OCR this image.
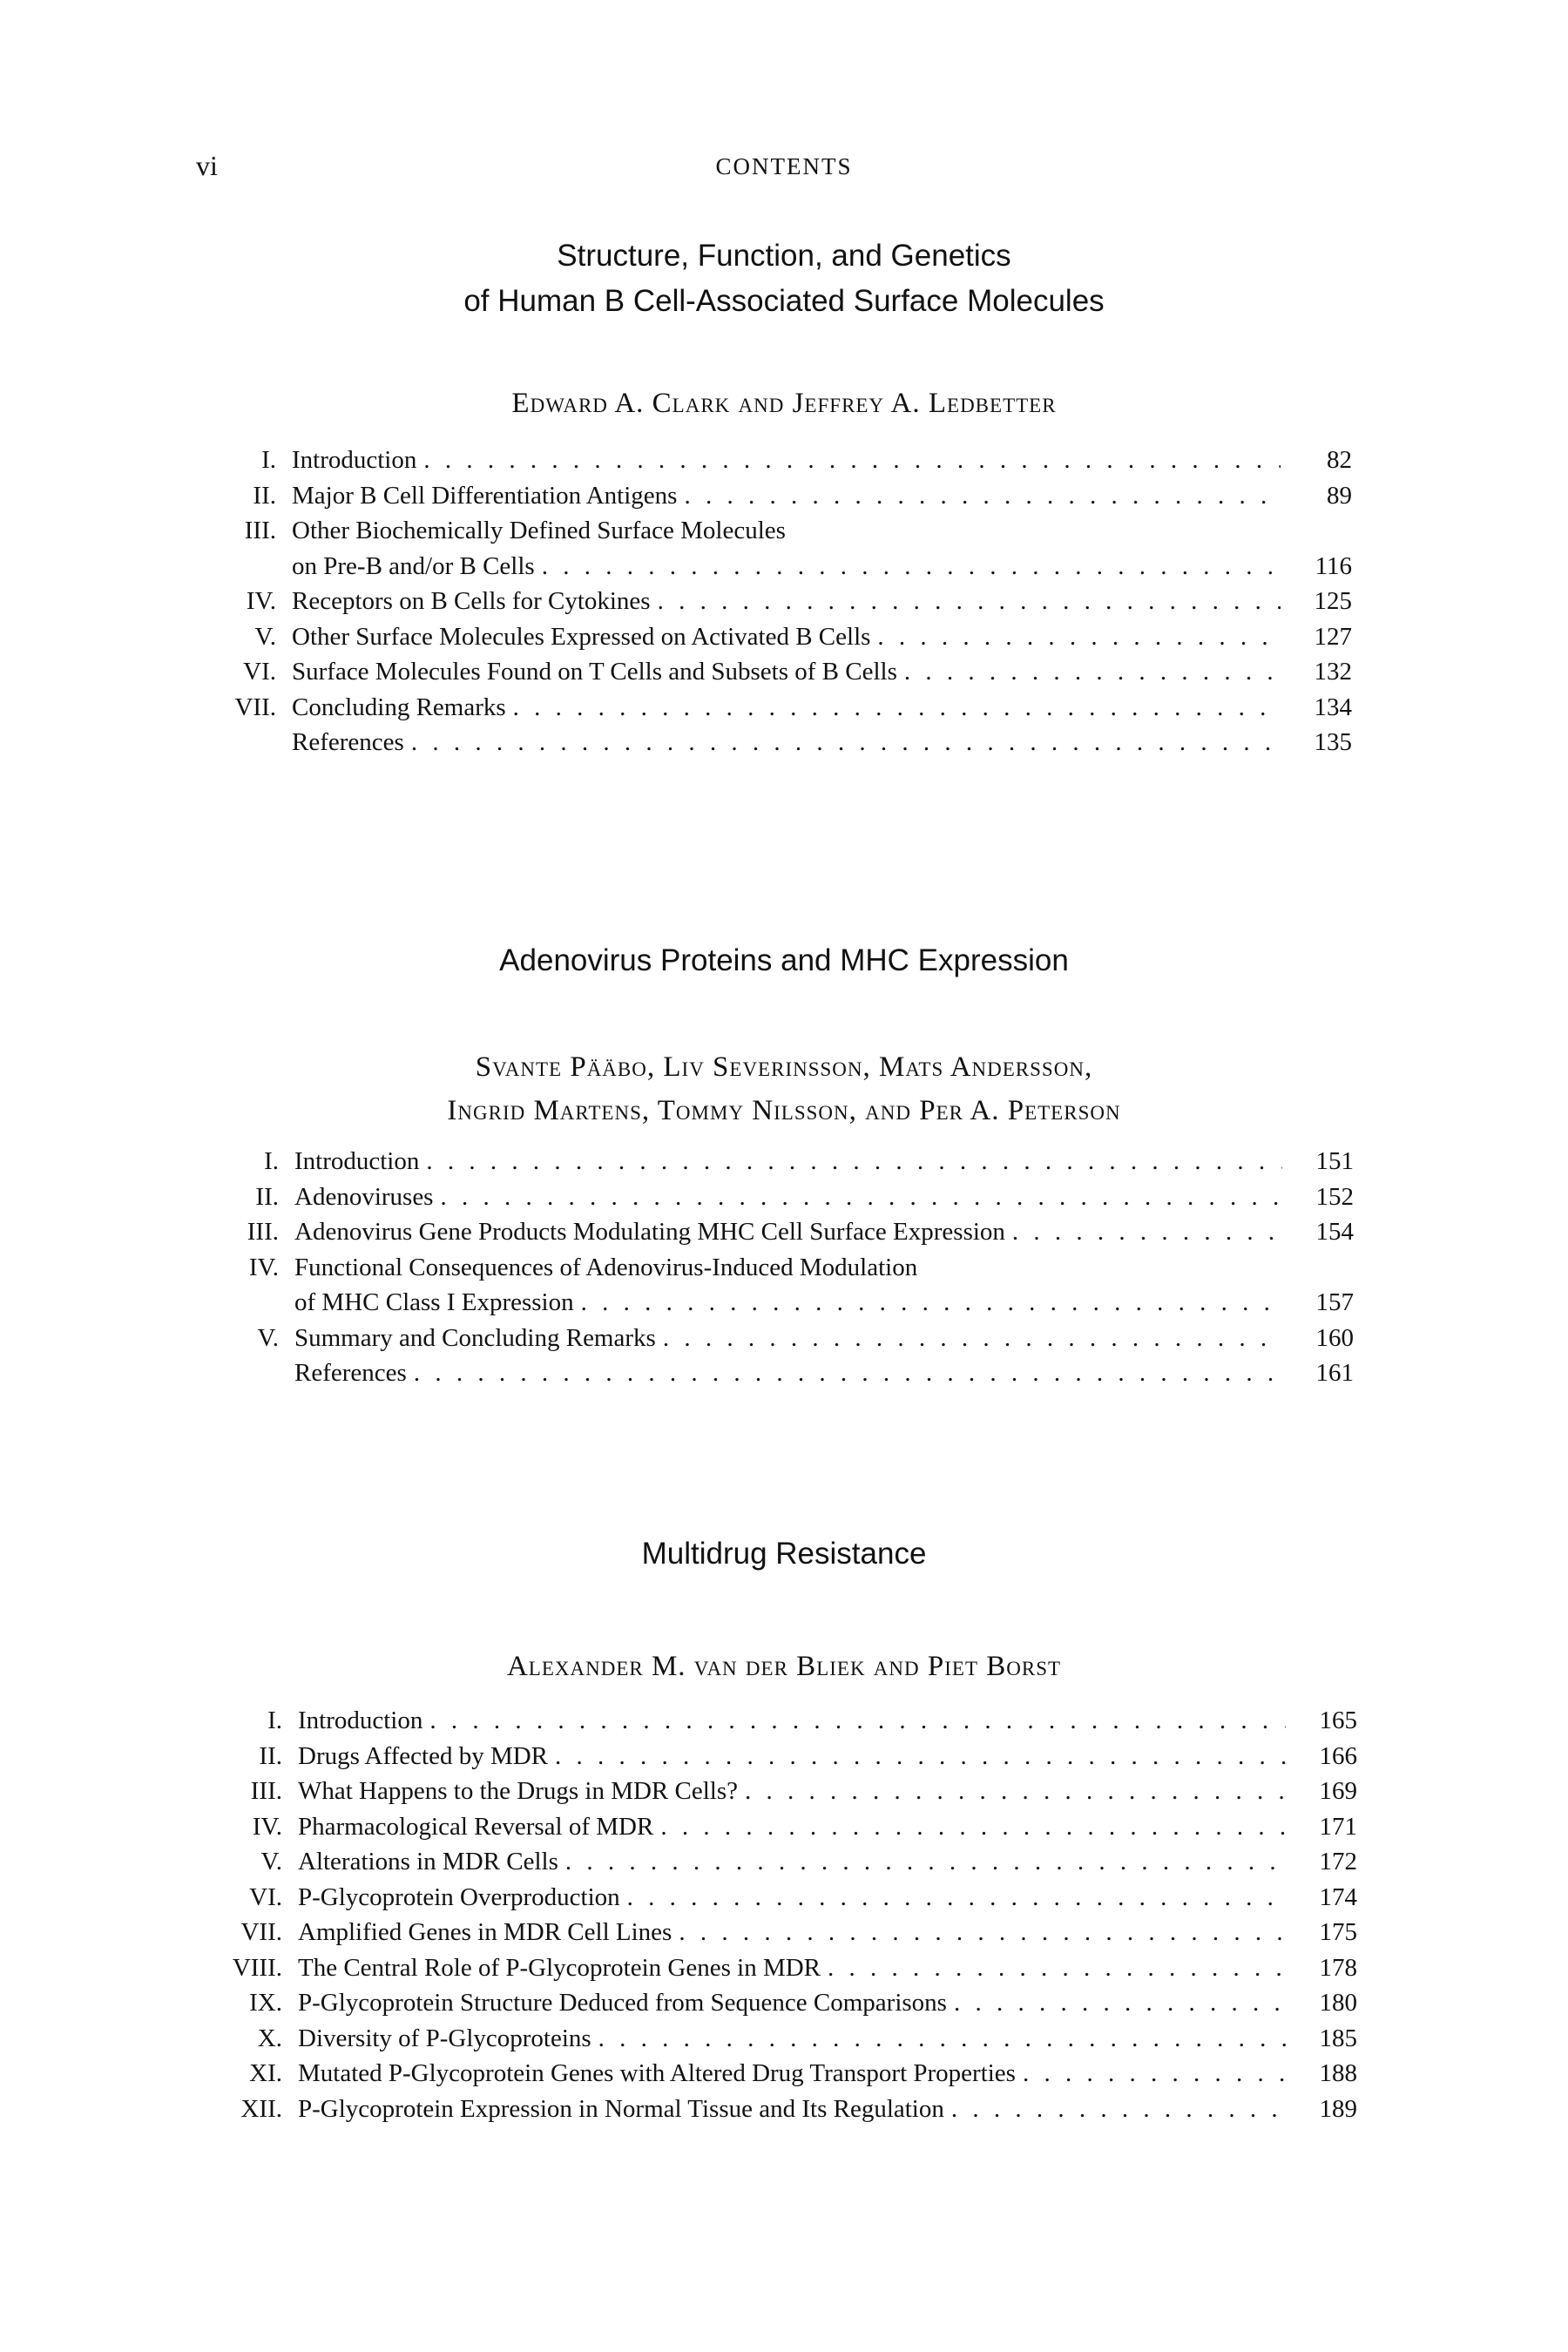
vi	CONTENTS

Structure, Function, and Genetics

of Human B Cell-Associated Surface Molecules

Edward A. Clark and Jeffrey A. Ledbetter

I. Introduction . . .	82
II. Major B Cell Differentiation Antigens . . .	89
III. Other Biochemically Defined Surface Molecules
on Pre-B and/or B Cells . . .	116
IV. Receptors on B Cells for Cytokines . . .	125
V. Other Surface Molecules Expressed on Activated B Cells . . .	127
VI. Surface Molecules Found on T Cells and Subsets of B Cells . . .	132
VII. Concluding Remarks . . .	134
References . . .	135

Adenovirus Proteins and MHC Expression

Svante Pääbo, Liv Severinsson, Mats Andersson,

Ingrid Martens, Tommy Nilsson, and Per A. Peterson

I. Introduction . . .	151
II. Adenoviruses . . .	152
III. Adenovirus Gene Products Modulating MHC Cell Surface Expression . . .	154
IV. Functional Consequences of Adenovirus-Induced Modulation
of MHC Class I Expression . . .	157
V. Summary and Concluding Remarks . . .	160
References . . .	161

Multidrug Resistance

Alexander M. van der Bliek and Piet Borst

I. Introduction . . .	165
II. Drugs Affected by MDR . . .	166
III. What Happens to the Drugs in MDR Cells? . . .	169
IV. Pharmacological Reversal of MDR . . .	171
V. Alterations in MDR Cells . . .	172
VI. P-Glycoprotein Overproduction . . .	174
VII. Amplified Genes in MDR Cell Lines . . .	175
VIII. The Central Role of P-Glycoprotein Genes in MDR . . .	178
IX. P-Glycoprotein Structure Deduced from Sequence Comparisons . . .	180
X. Diversity of P-Glycoproteins . . .	185
XI. Mutated P-Glycoprotein Genes with Altered Drug Transport Properties . . .	188
XII. P-Glycoprotein Expression in Normal Tissue and Its Regulation . . .	189
